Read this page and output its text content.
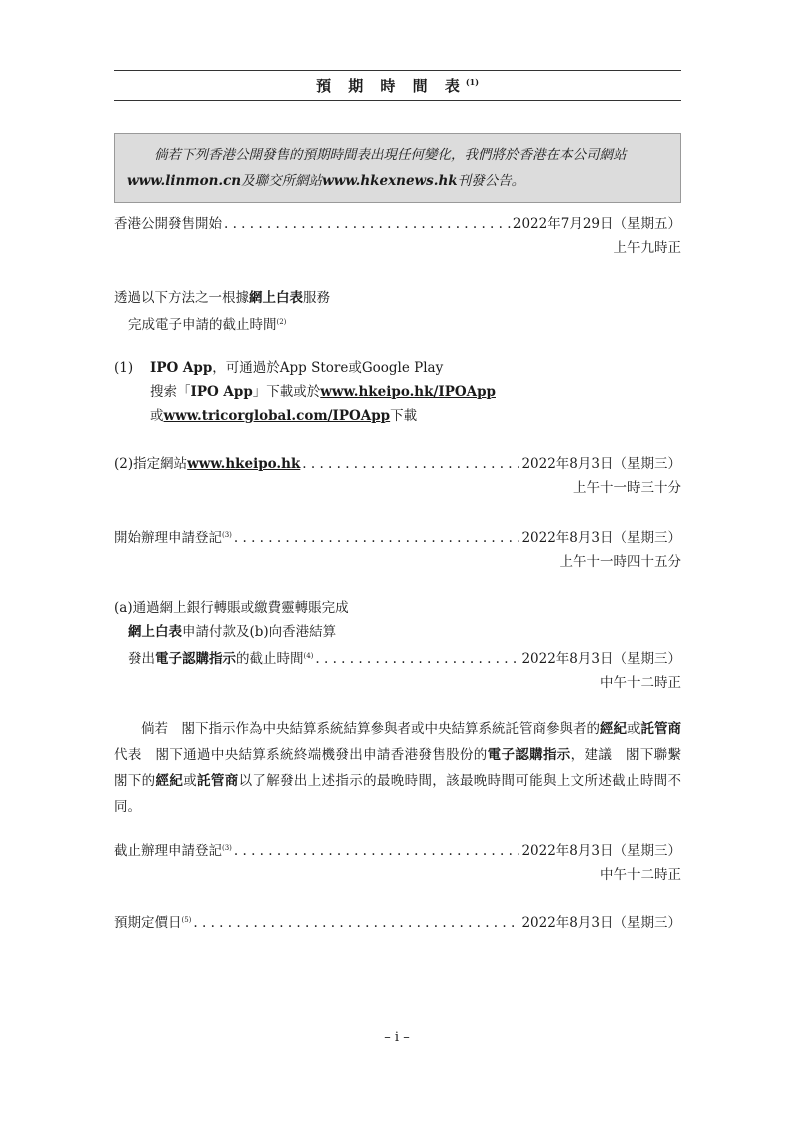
預 期 時 間 表$^{(1)}$
倘若下列香港公開發售的預期時間表出現任何變化，我們將於香港在本公司網站www.linmon.cn及聯交所網站www.hkexnews.hk刊發公告。
香港公開發售開始 . . .	2022年7月29日（星期五）
上午九時正
透過以下方法之一根據網上白表服務
完成電子申請的截止時間$^{(2)}$
(1)	IPO App，可通過於App Store或Google Play
搜索「IPO App」下載或於www.hkeipo.hk/IPOApp
或www.tricorglobal.com/IPOApp下載
(2) 指定網站www.hkeipo.hk . . .	2022年8月3日（星期三）
上午十一時三十分
開始辦理申請登記$^{(3)}$ . . .	2022年8月3日（星期三）
上午十一時四十五分
(a)通過網上銀行轉賬或繳費靈轉賬完成
網上白表申請付款及(b)向香港結算
發出電子認購指示的截止時間$^{(4)}$ . . .	2022年8月3日（星期三）
中午十二時正
倘若　閣下指示作為中央結算系統結算參與者或中央結算系統託管商參與者的經紀或託管商代表　閣下通過中央結算系統終端機發出申請香港發售股份的電子認購指示，建議　閣下聯繫　閣下的經紀或託管商以了解發出上述指示的最晚時間，該最晚時間可能與上文所述截止時間不同。
截止辦理申請登記$^{(3)}$ . . .	2022年8月3日（星期三）
中午十二時正
預期定價日$^{(5)}$ . . .	2022年8月3日（星期三）
– i –
